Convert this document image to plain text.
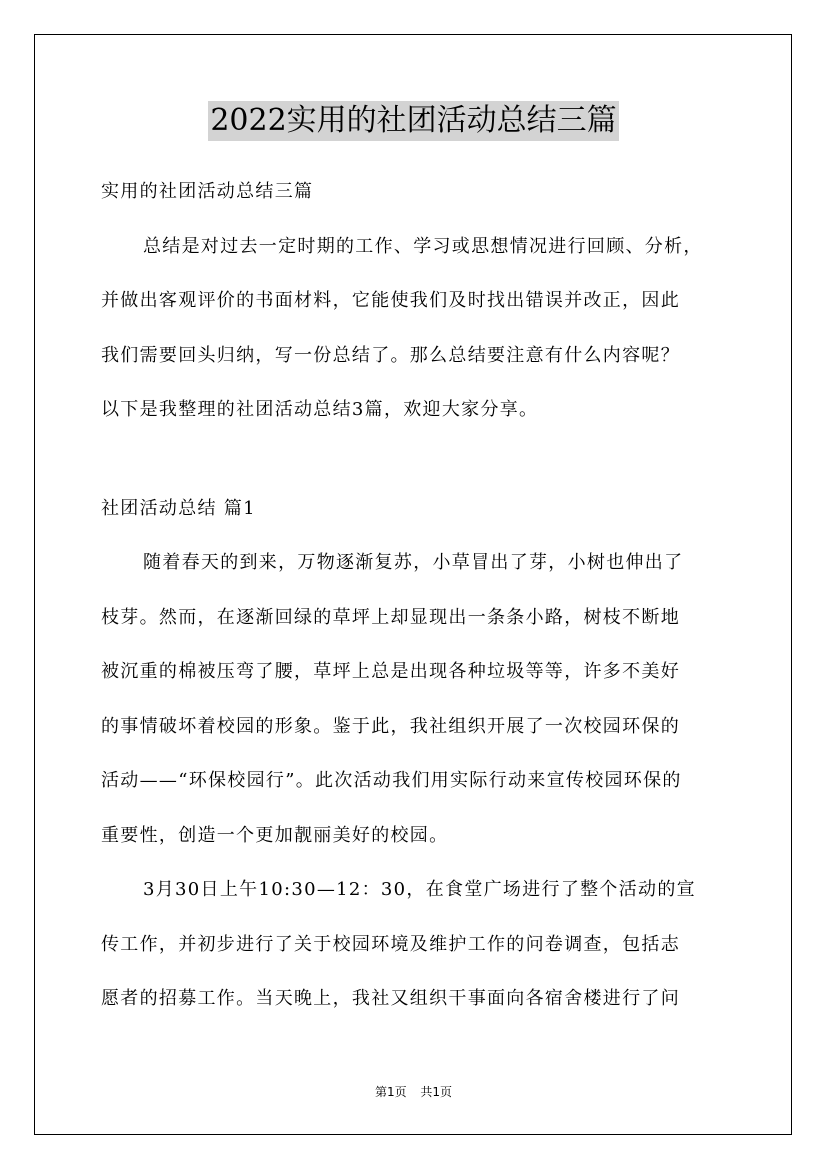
2022实用的社团活动总结三篇
实用的社团活动总结三篇
总结是对过去一定时期的工作、学习或思想情况进行回顾、分析，
并做出客观评价的书面材料，它能使我们及时找出错误并改正，因此
我们需要回头归纳，写一份总结了。那么总结要注意有什么内容呢？
以下是我整理的社团活动总结3篇，欢迎大家分享。
社团活动总结 篇1
随着春天的到来，万物逐渐复苏，小草冒出了芽，小树也伸出了
枝芽。然而，在逐渐回绿的草坪上却显现出一条条小路，树枝不断地
被沉重的棉被压弯了腰，草坪上总是出现各种垃圾等等，许多不美好
的事情破坏着校园的形象。鉴于此，我社组织开展了一次校园环保的
活动——“环保校园行”。此次活动我们用实际行动来宣传校园环保的
重要性，创造一个更加靓丽美好的校园。
3月30日上午10:30—12：30，在食堂广场进行了整个活动的宣
传工作，并初步进行了关于校园环境及维护工作的问卷调查，包括志
愿者的招募工作。当天晚上，我社又组织干事面向各宿舍楼进行了问
第1页 共1页
